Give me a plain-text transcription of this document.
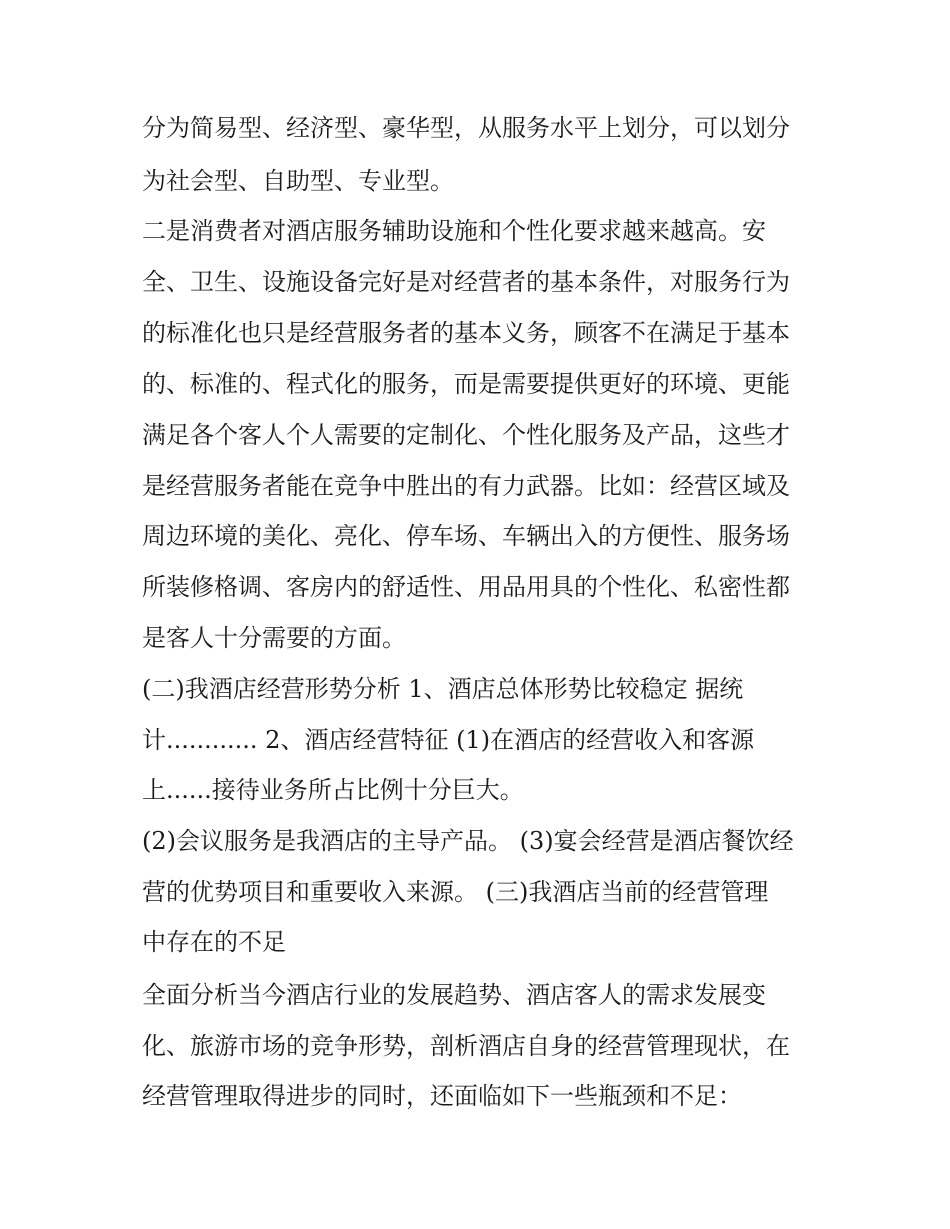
分为简易型、经济型、豪华型，从服务水平上划分，可以划分
为社会型、自助型、专业型。
二是消费者对酒店服务辅助设施和个性化要求越来越高。安
全、卫生、设施设备完好是对经营者的基本条件，对服务行为
的标准化也只是经营服务者的基本义务，顾客不在满足于基本
的、标准的、程式化的服务，而是需要提供更好的环境、更能
满足各个客人个人需要的定制化、个性化服务及产品，这些才
是经营服务者能在竞争中胜出的有力武器。比如：经营区域及
周边环境的美化、亮化、停车场、车辆出入的方便性、服务场
所装修格调、客房内的舒适性、用品用具的个性化、私密性都
是客人十分需要的方面。
(二)我酒店经营形势分析 1、酒店总体形势比较稳定 据统
计............ 2、酒店经营特征 (1)在酒店的经营收入和客源
上......接待业务所占比例十分巨大。
(2)会议服务是我酒店的主导产品。 (3)宴会经营是酒店餐饮经
营的优势项目和重要收入来源。 (三)我酒店当前的经营管理
中存在的不足
全面分析当今酒店行业的发展趋势、酒店客人的需求发展变
化、旅游市场的竞争形势，剖析酒店自身的经营管理现状，在
经营管理取得进步的同时，还面临如下一些瓶颈和不足：
